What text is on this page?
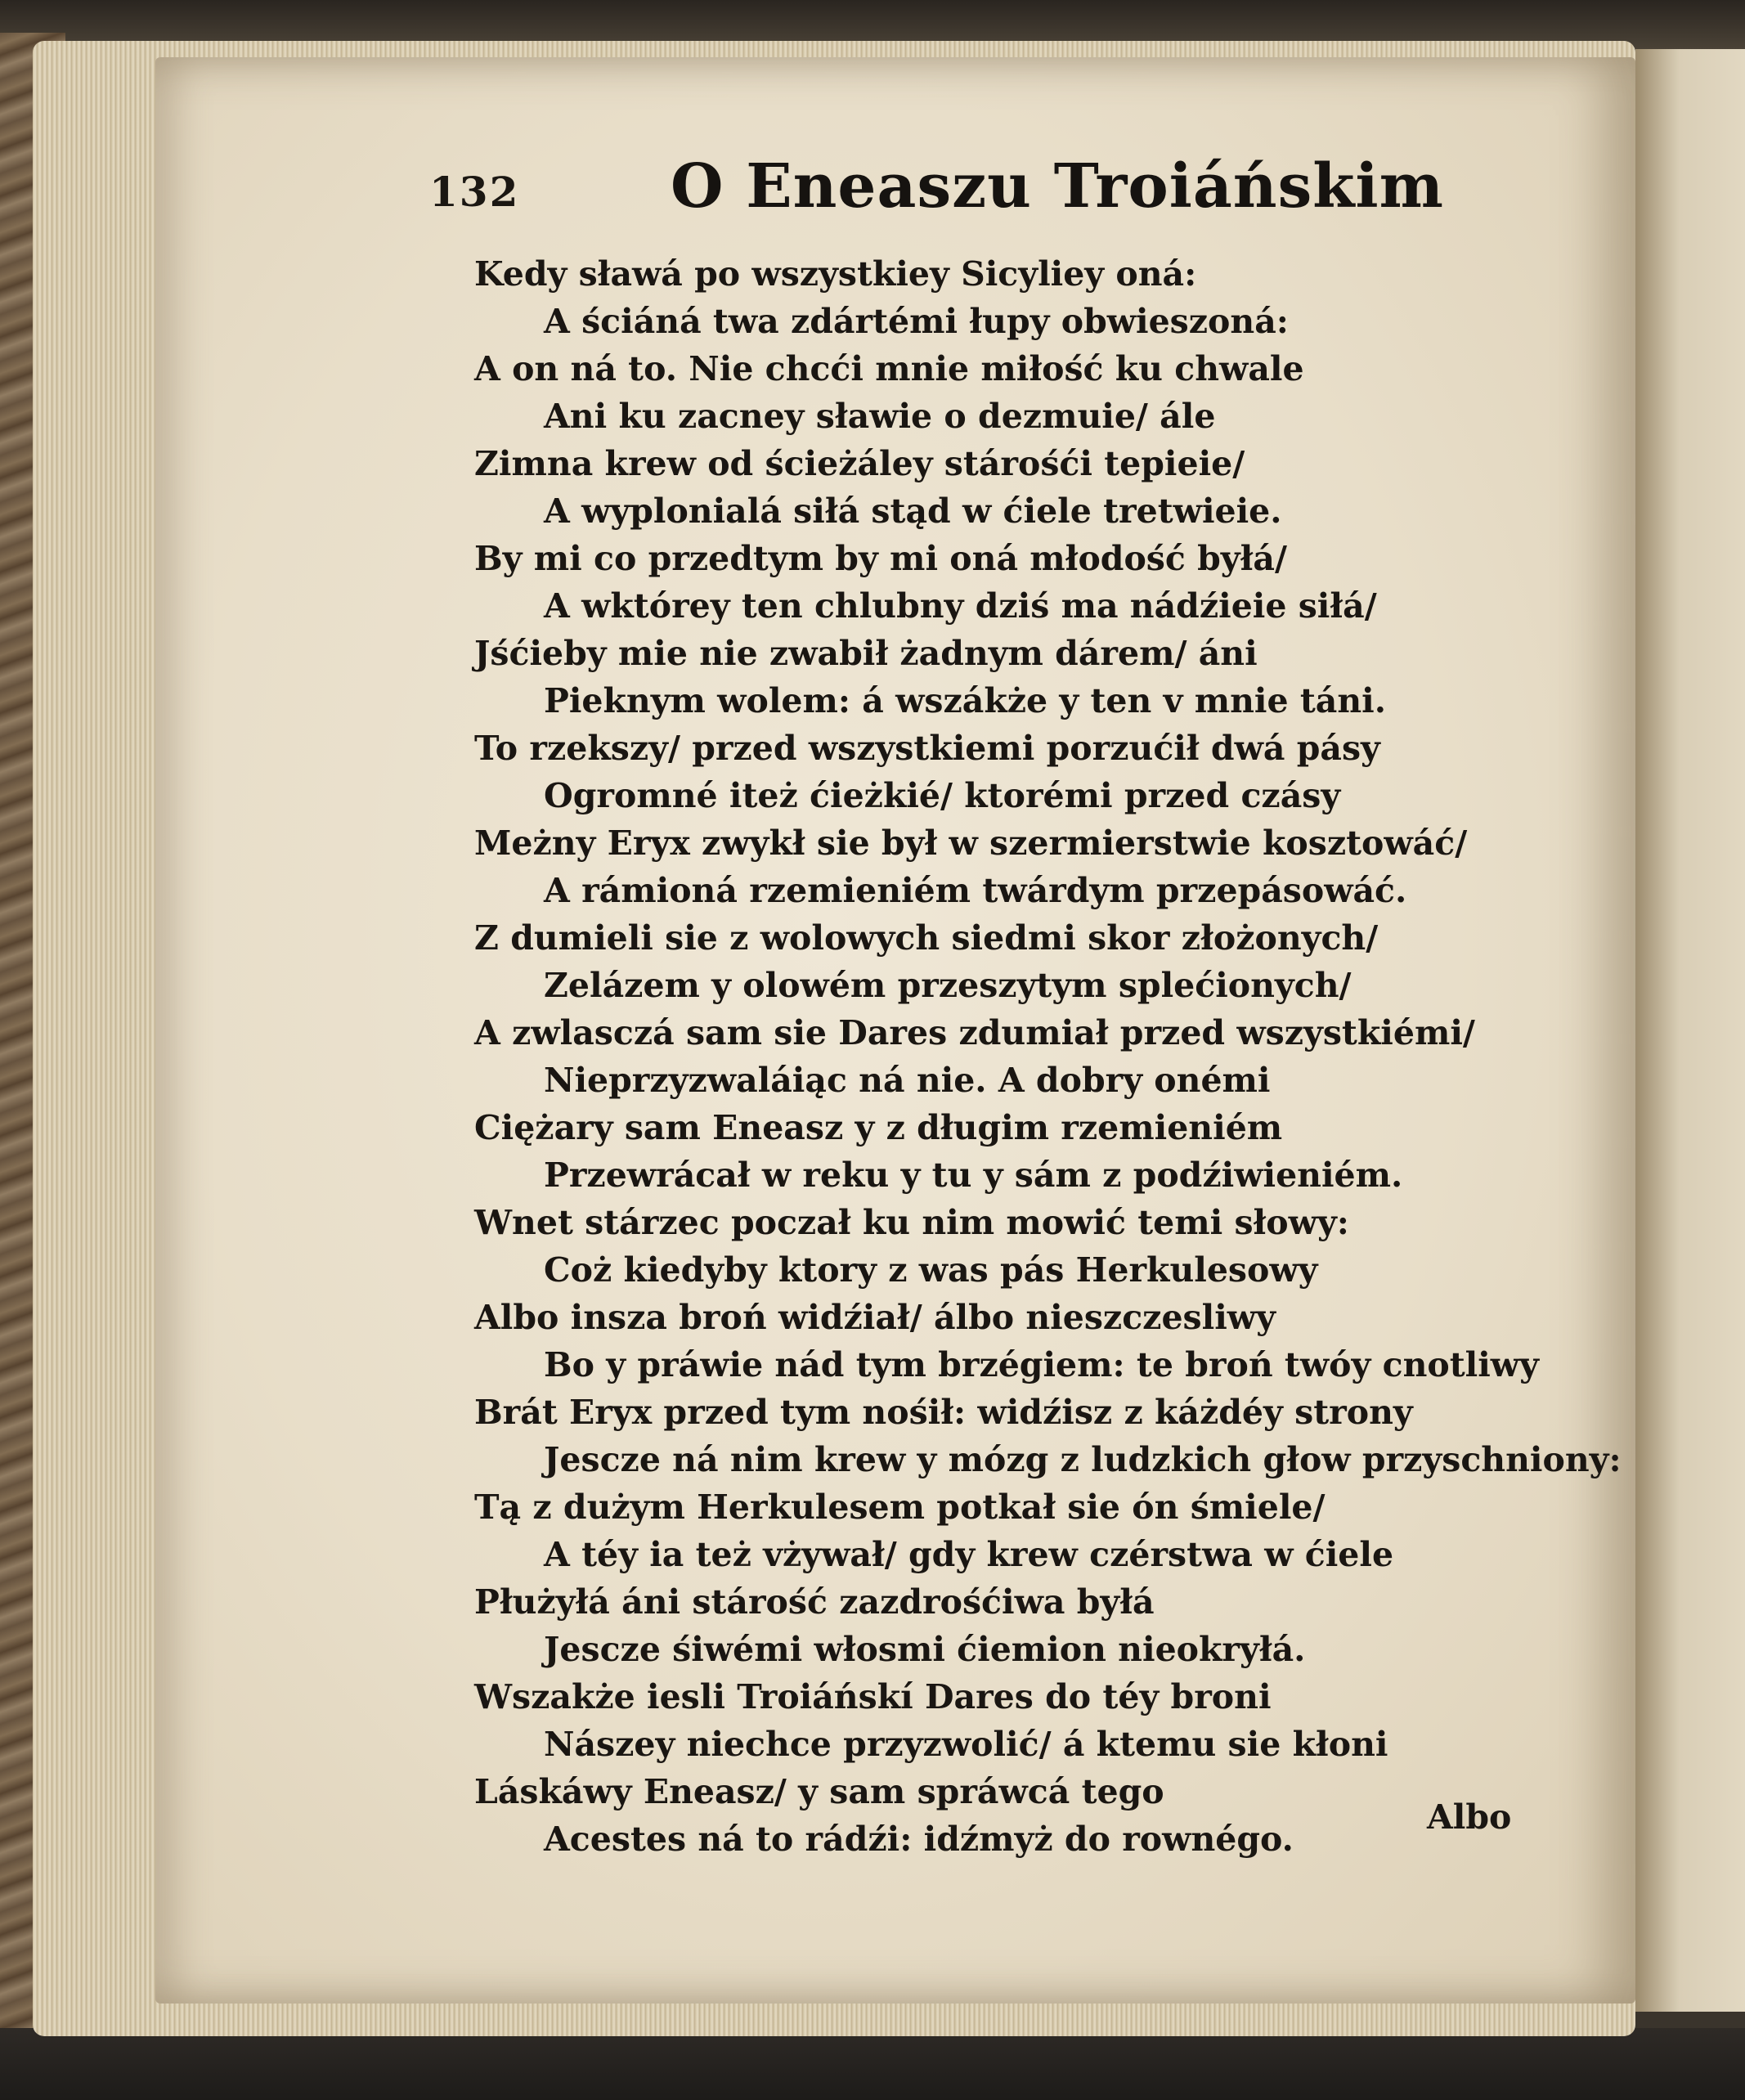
132 O Eneaszu Troiáńskim
Kedy sławá po wszystkiey Sicyliey oná:
A ściáná twa zdártémi łupy obwieszoná:
A on ná to. Nie chcći mnie miłość ku chwale
Ani ku zacney sławie o dezmuie/ ále
Zimna krew od ścieżáley stárośći tepieie/
A wyplonialá siłá stąd w ćiele tretwieie.
By mi co przedtym by mi oná młodość byłá/
A wktórey ten chlubny dziś ma nádźieie siłá/
Jśćieby mie nie zwabił żadnym dárem/ áni
Pieknym wolem: á wszákże y ten v mnie táni.
To rzekszy/ przed wszystkiemi porzućił dwá pásy
Ogromné iteż ćieżkié/ ktorémi przed czásy
Meżny Eryx zwykł sie był w szermierstwie kosztowáć/
A rámioná rzemieniém twárdym przepásowáć.
Z dumieli sie z wolowych siedmi skor złożonych/
Zelázem y olowém przeszytym splećionych/
A zwlasczá sam sie Dares zdumiał przed wszystkiémi/
Nieprzyzwaláiąc ná nie. A dobry onémi
Ciężary sam Eneasz y z długim rzemieniém
Przewrácał w reku y tu y sám z podźiwieniém.
Wnet stárzec poczał ku nim mowić temi słowy:
Coż kiedyby ktory z was pás Herkulesowy
Albo insza broń widźiał/ álbo nieszczesliwy
Bo y práwie nád tym brzégiem: te broń twóy cnotliwy
Brát Eryx przed tym nośił: widźisz z káżdéy strony
Jescze ná nim krew y mózg z ludzkich głow przyschniony:
Tą z dużym Herkulesem potkał sie ón śmiele/
A téy ia też vżywał/ gdy krew czérstwa w ćiele
Płużyłá áni stárość zazdrośćiwa byłá
Jescze śiwémi włosmi ćiemion nieokryłá.
Wszakże iesli Troiáńskí Dares do téy broni
Nászey niechce przyzwolić/ á ktemu sie kłoni
Láskáwy Eneasz/ y sam spráwcá tego
Acestes ná to rádźi: idźmyż do rownégo.
Albo
